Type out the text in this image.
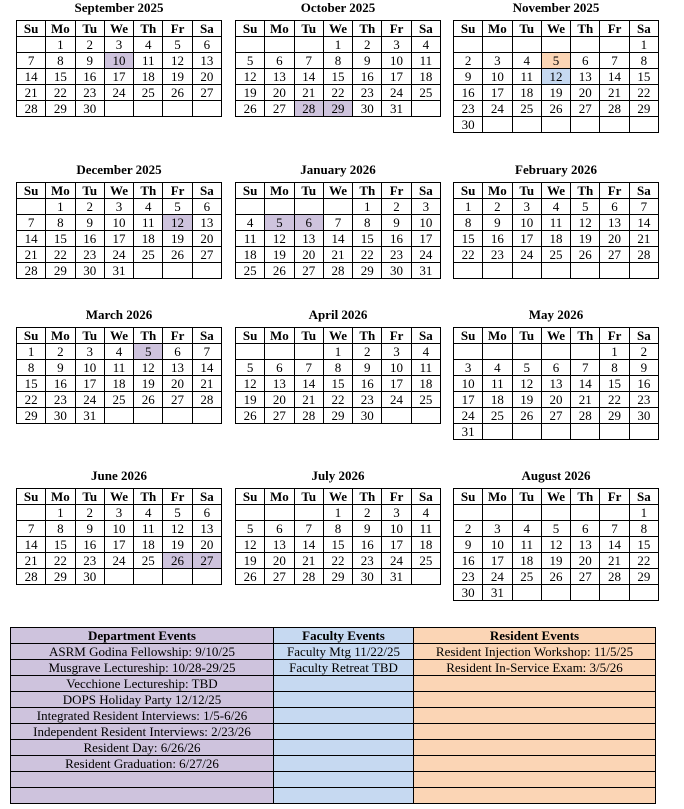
September 2025
Su	Mo	Tu	We	Th	Fr	Sa
	1	2	3	4	5	6
7	8	9	10	11	12	13
14	15	16	17	18	19	20
21	22	23	24	25	26	27
28	29	30				
October 2025
Su	Mo	Tu	We	Th	Fr	Sa
			1	2	3	4
5	6	7	8	9	10	11
12	13	14	15	16	17	18
19	20	21	22	23	24	25
26	27	28	29	30	31	
November 2025
Su	Mo	Tu	We	Th	Fr	Sa
						1
2	3	4	5	6	7	8
9	10	11	12	13	14	15
16	17	18	19	20	21	22
23	24	25	26	27	28	29
30						
December 2025
Su	Mo	Tu	We	Th	Fr	Sa
	1	2	3	4	5	6
7	8	9	10	11	12	13
14	15	16	17	18	19	20
21	22	23	24	25	26	27
28	29	30	31			
January 2026
Su	Mo	Tu	We	Th	Fr	Sa
				1	2	3
4	5	6	7	8	9	10
11	12	13	14	15	16	17
18	19	20	21	22	23	24
25	26	27	28	29	30	31
February 2026
Su	Mo	Tu	We	Th	Fr	Sa
1	2	3	4	5	6	7
8	9	10	11	12	13	14
15	16	17	18	19	20	21
22	23	24	25	26	27	28

March 2026
Su	Mo	Tu	We	Th	Fr	Sa
1	2	3	4	5	6	7
8	9	10	11	12	13	14
15	16	17	18	19	20	21
22	23	24	25	26	27	28
29	30	31				
April 2026
Su	Mo	Tu	We	Th	Fr	Sa
			1	2	3	4
5	6	7	8	9	10	11
12	13	14	15	16	17	18
19	20	21	22	23	24	25
26	27	28	29	30		
May 2026
Su	Mo	Tu	We	Th	Fr	Sa
					1	2
3	4	5	6	7	8	9
10	11	12	13	14	15	16
17	18	19	20	21	22	23
24	25	26	27	28	29	30
31						
June 2026
Su	Mo	Tu	We	Th	Fr	Sa
	1	2	3	4	5	6
7	8	9	10	11	12	13
14	15	16	17	18	19	20
21	22	23	24	25	26	27
28	29	30				
July 2026
Su	Mo	Tu	We	Th	Fr	Sa
			1	2	3	4
5	6	7	8	9	10	11
12	13	14	15	16	17	18
19	20	21	22	23	24	25
26	27	28	29	30	31	
August 2026
Su	Mo	Tu	We	Th	Fr	Sa
						1
2	3	4	5	6	7	8
9	10	11	12	13	14	15
16	17	18	19	20	21	22
23	24	25	26	27	28	29
30	31					
Department Events	Faculty Events	Resident Events
ASRM Godina Fellowship: 9/10/25	Faculty Mtg 11/22/25	Resident Injection Workshop: 11/5/25
Musgrave Lectureship: 10/28-29/25	Faculty Retreat TBD	Resident In-Service Exam: 3/5/26
Vecchione Lectureship: TBD		
DOPS Holiday Party 12/12/25		
Integrated Resident Interviews: 1/5-6/26		
Independent Resident Interviews: 2/23/26		
Resident Day: 6/26/26		
Resident Graduation: 6/27/26		
